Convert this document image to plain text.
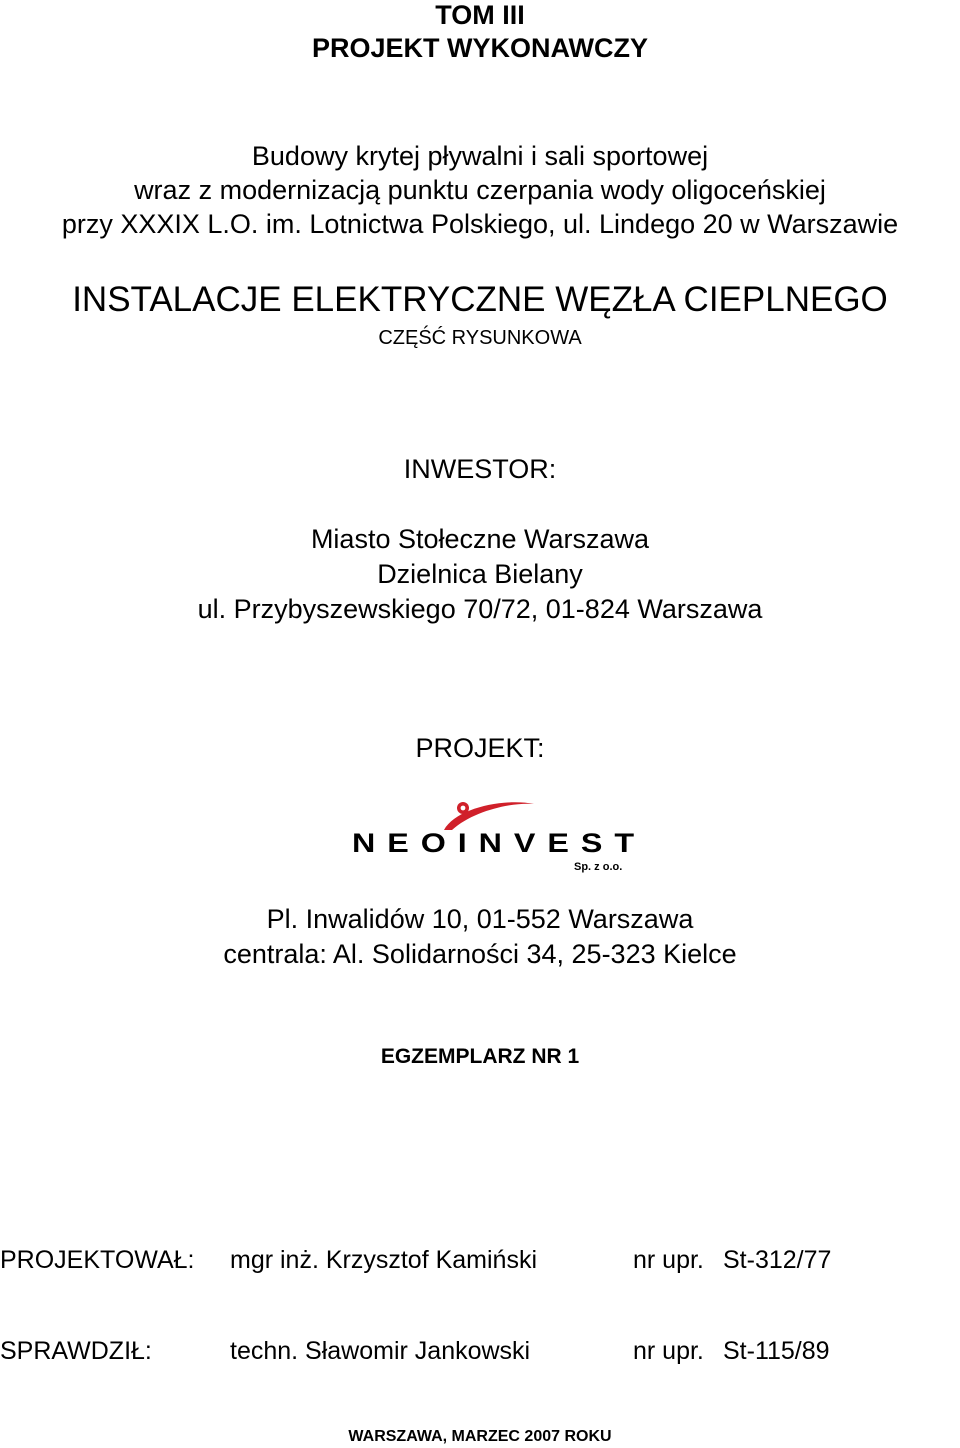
TOM III
PROJEKT WYKONAWCZY
Budowy krytej pływalni i sali sportowej
wraz z modernizacją punktu czerpania wody oligoceńskiej
przy XXXIX L.O. im. Lotnictwa Polskiego, ul. Lindego 20 w Warszawie
INSTALACJE ELEKTRYCZNE WĘZŁA CIEPLNEGO
CZĘŚĆ RYSUNKOWA
INWESTOR:
Miasto Stołeczne Warszawa
Dzielnica Bielany
ul. Przybyszewskiego 70/72, 01-824 Warszawa
PROJEKT:
NEOINVEST
Sp. z o.o.
Pl. Inwalidów 10, 01-552 Warszawa
centrala: Al. Solidarności 34, 25-323 Kielce
EGZEMPLARZ NR 1
PROJEKTOWAŁ: mgr inż. Krzysztof Kamiński	nr upr. St-312/77
SPRAWDZIŁ:	techn. Sławomir Jankowski	nr upr. St-115/89
WARSZAWA, MARZEC 2007 ROKU
